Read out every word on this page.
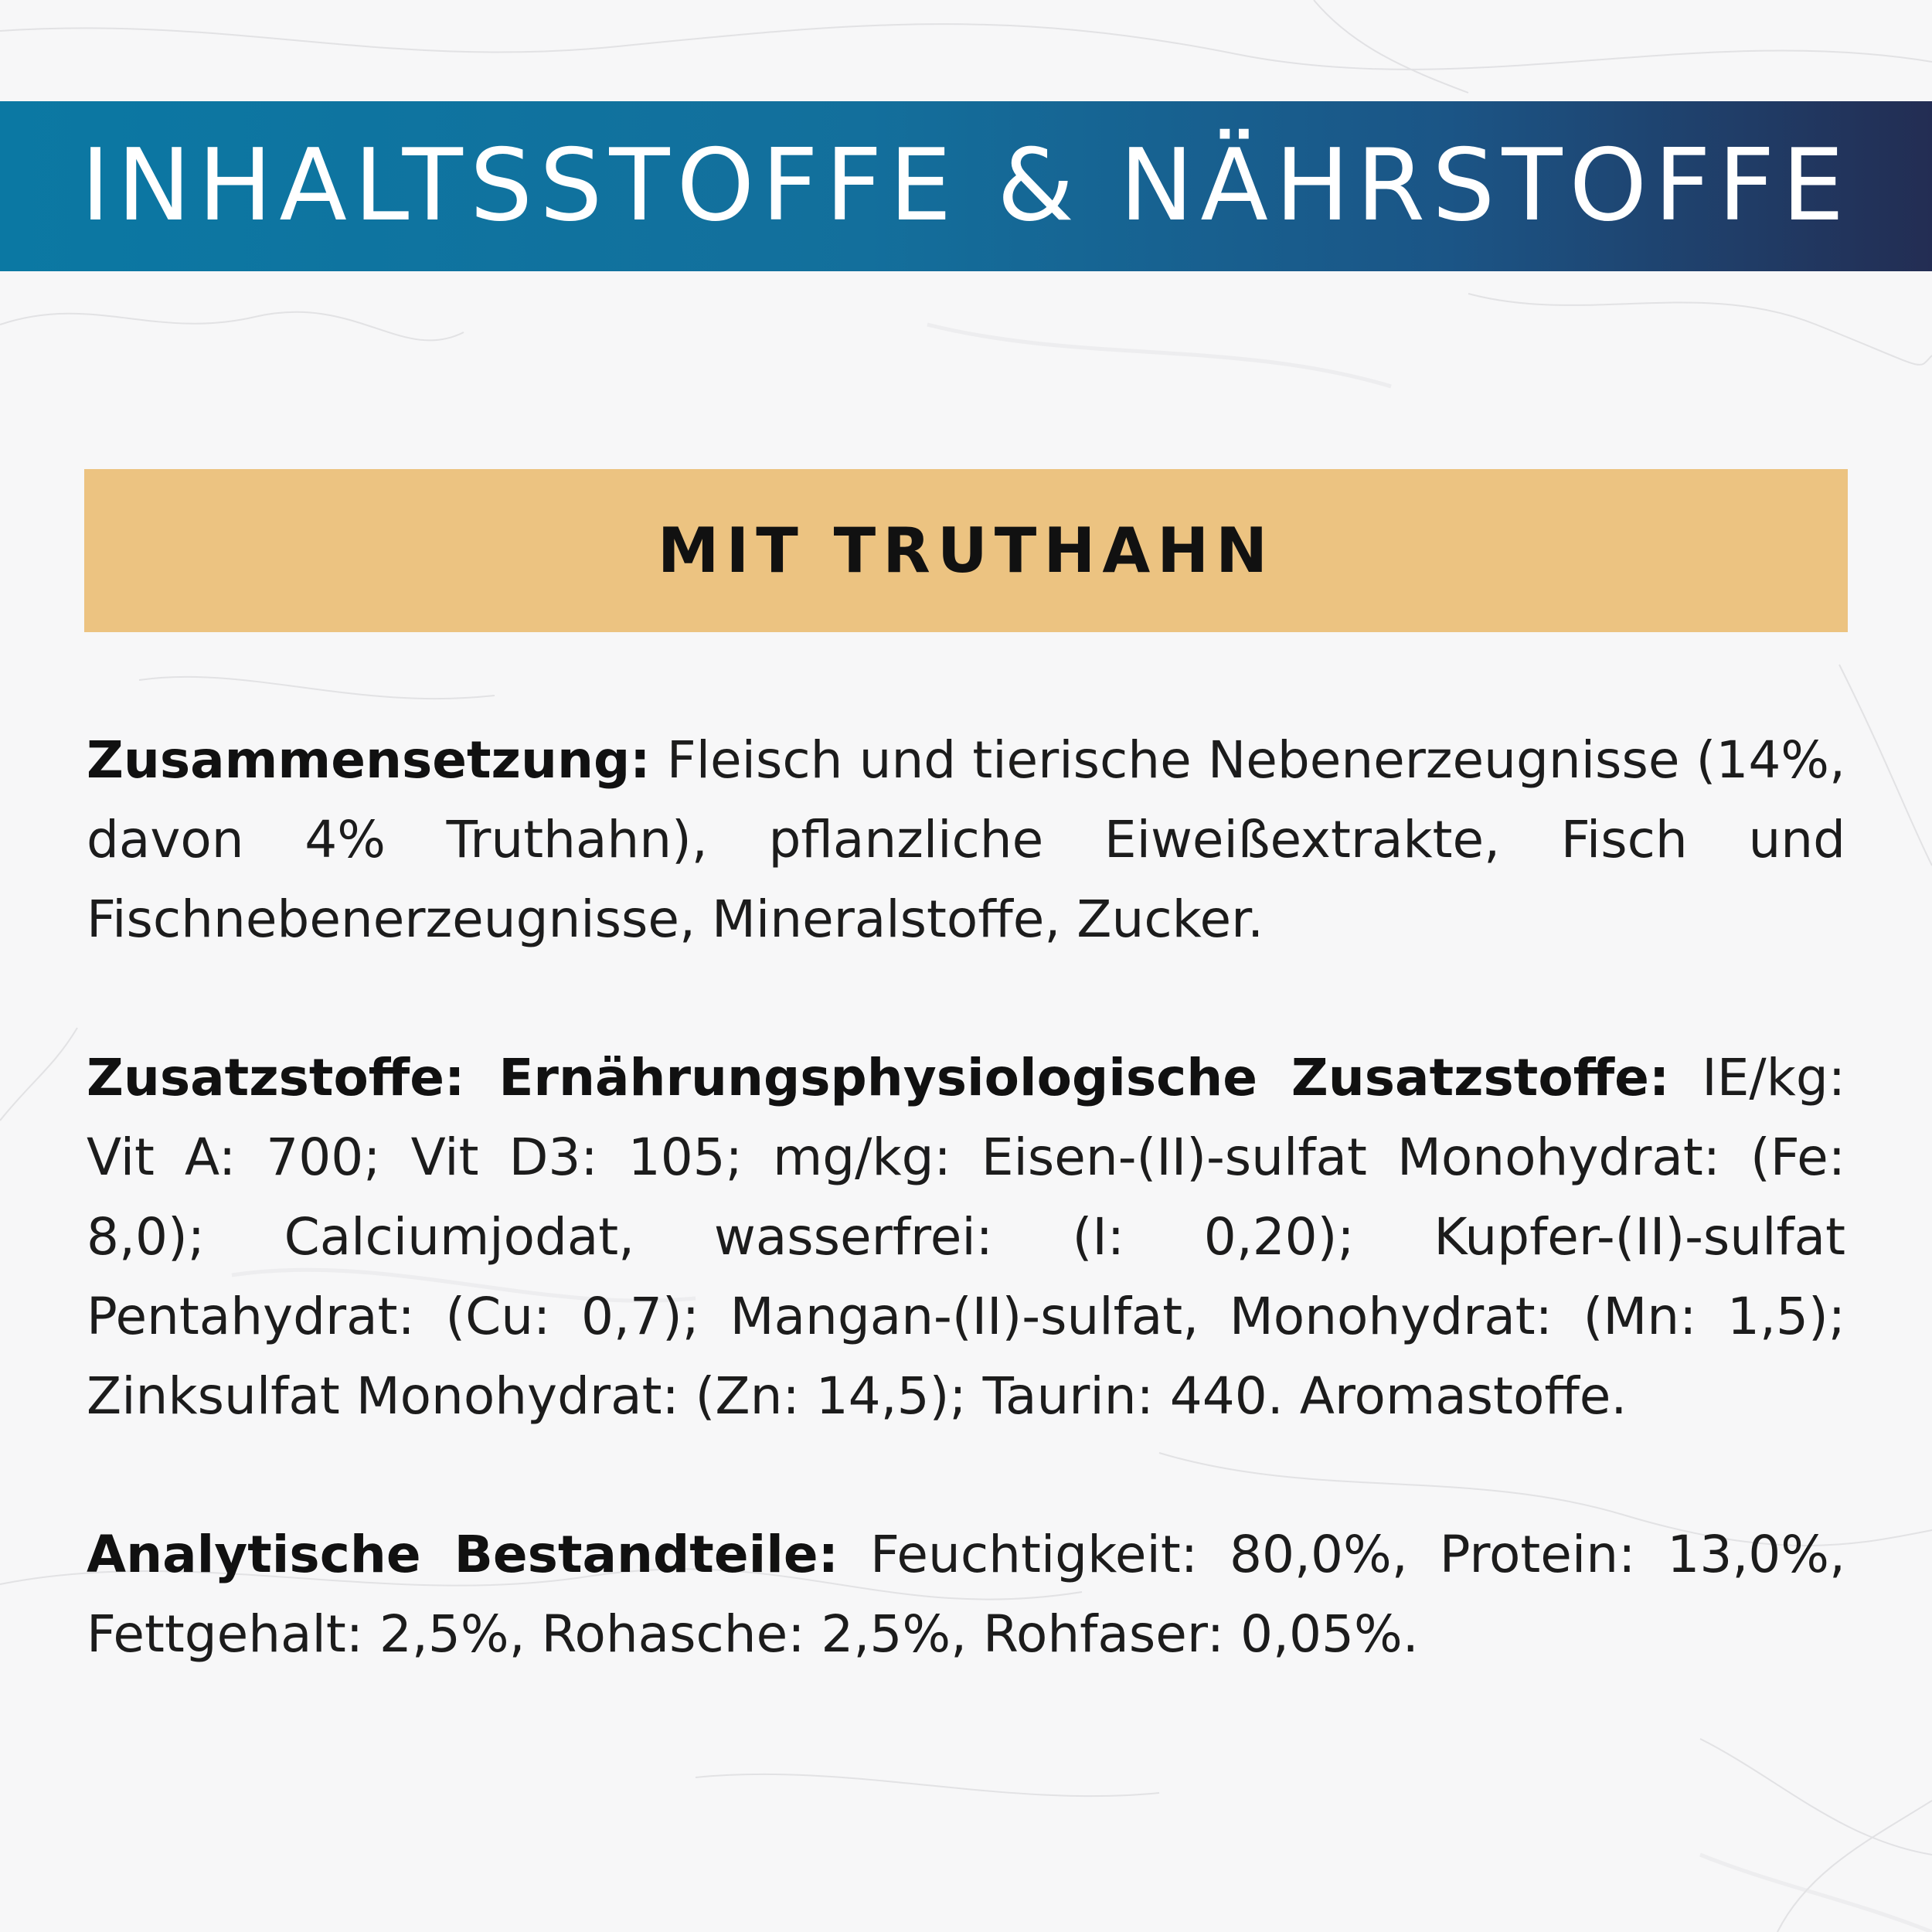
INHALTSSTOFFE & NÄHRSTOFFE
MIT TRUTHAHN

Zusammensetzung: Fleisch und tierische Nebenerzeugnisse (14%, davon 4% Truthahn), pflanzliche Eiweißextrakte, Fisch und Fischnebenerzeugnisse, Mineralstoffe, Zucker.

Zusatzstoffe: Ernährungsphysiologische Zusatzstoffe: IE/kg: Vit A: 700; Vit D3: 105; mg/kg: Eisen-(II)-sulfat Monohydrat: (Fe: 8,0); Calciumjodat, wasserfrei: (I: 0,20); Kupfer-(II)-sulfat Pentahydrat: (Cu: 0,7); Mangan-(II)-sulfat, Monohydrat: (Mn: 1,5); Zinksulfat Monohydrat: (Zn: 14,5); Taurin: 440. Aromastoffe.

Analytische Bestandteile: Feuchtigkeit: 80,0%, Protein: 13,0%, Fettgehalt: 2,5%, Rohasche: 2,5%, Rohfaser: 0,05%.
